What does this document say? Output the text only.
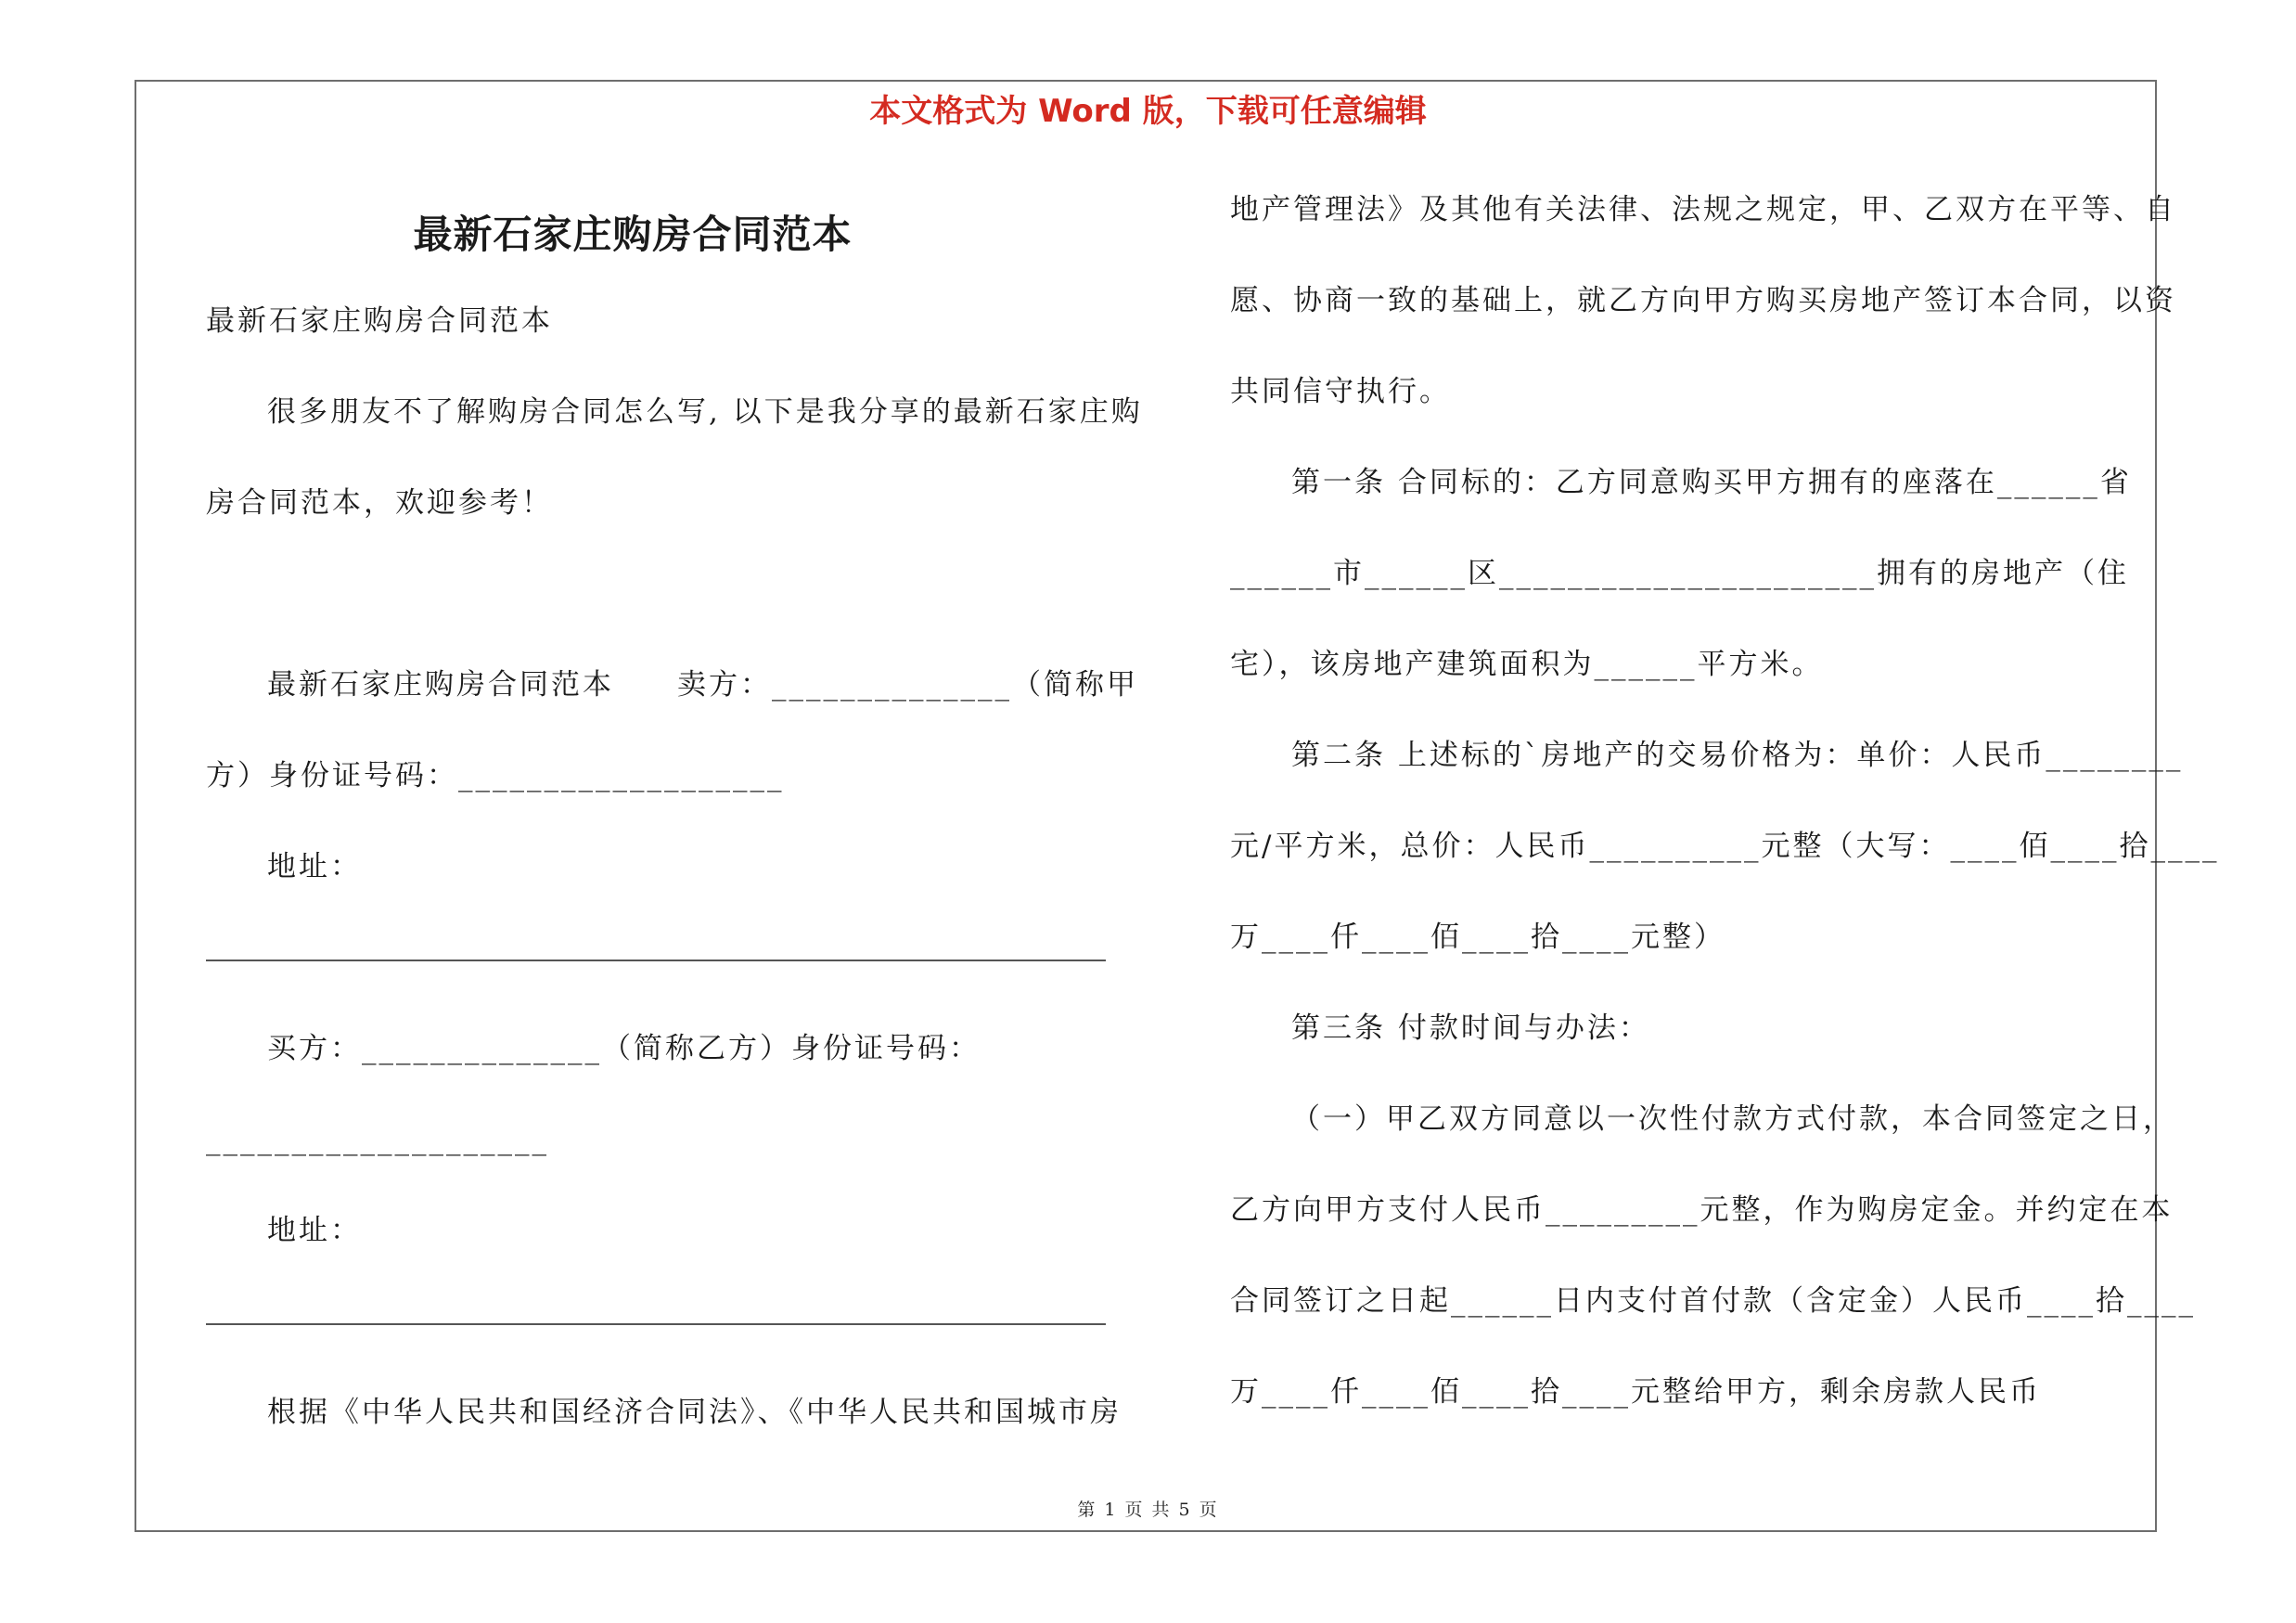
本文格式为 Word 版，下载可任意编辑
最新石家庄购房合同范本
最新石家庄购房合同范本
很多朋友不了解购房合同怎么写, 以下是我分享的最新石家庄购
房合同范本，欢迎参考！
最新石家庄购房合同范本　　卖方：______________（简称甲
方）身份证号码：___________________
地址：
买方：______________（简称乙方）身份证号码：
____________________
地址：
根据《中华人民共和国经济合同法》、《中华人民共和国城市房
地产管理法》及其他有关法律、法规之规定，甲、乙双方在平等、自
愿、协商一致的基础上，就乙方向甲方购买房地产签订本合同，以资
共同信守执行。
第一条 合同标的：乙方同意购买甲方拥有的座落在______省
______市______区______________________拥有的房地产（住
宅），该房地产建筑面积为______平方米。
第二条 上述标的`房地产的交易价格为：单价：人民币________
元/平方米，总价：人民币__________元整（大写：____佰____拾____
万____仟____佰____拾____元整）
第三条 付款时间与办法：
（一）甲乙双方同意以一次性付款方式付款，本合同签定之日，
乙方向甲方支付人民币_________元整，作为购房定金。并约定在本
合同签订之日起______日内支付首付款（含定金）人民币____拾____
万____仟____佰____拾____元整给甲方，剩余房款人民币
第 1 页 共 5 页
